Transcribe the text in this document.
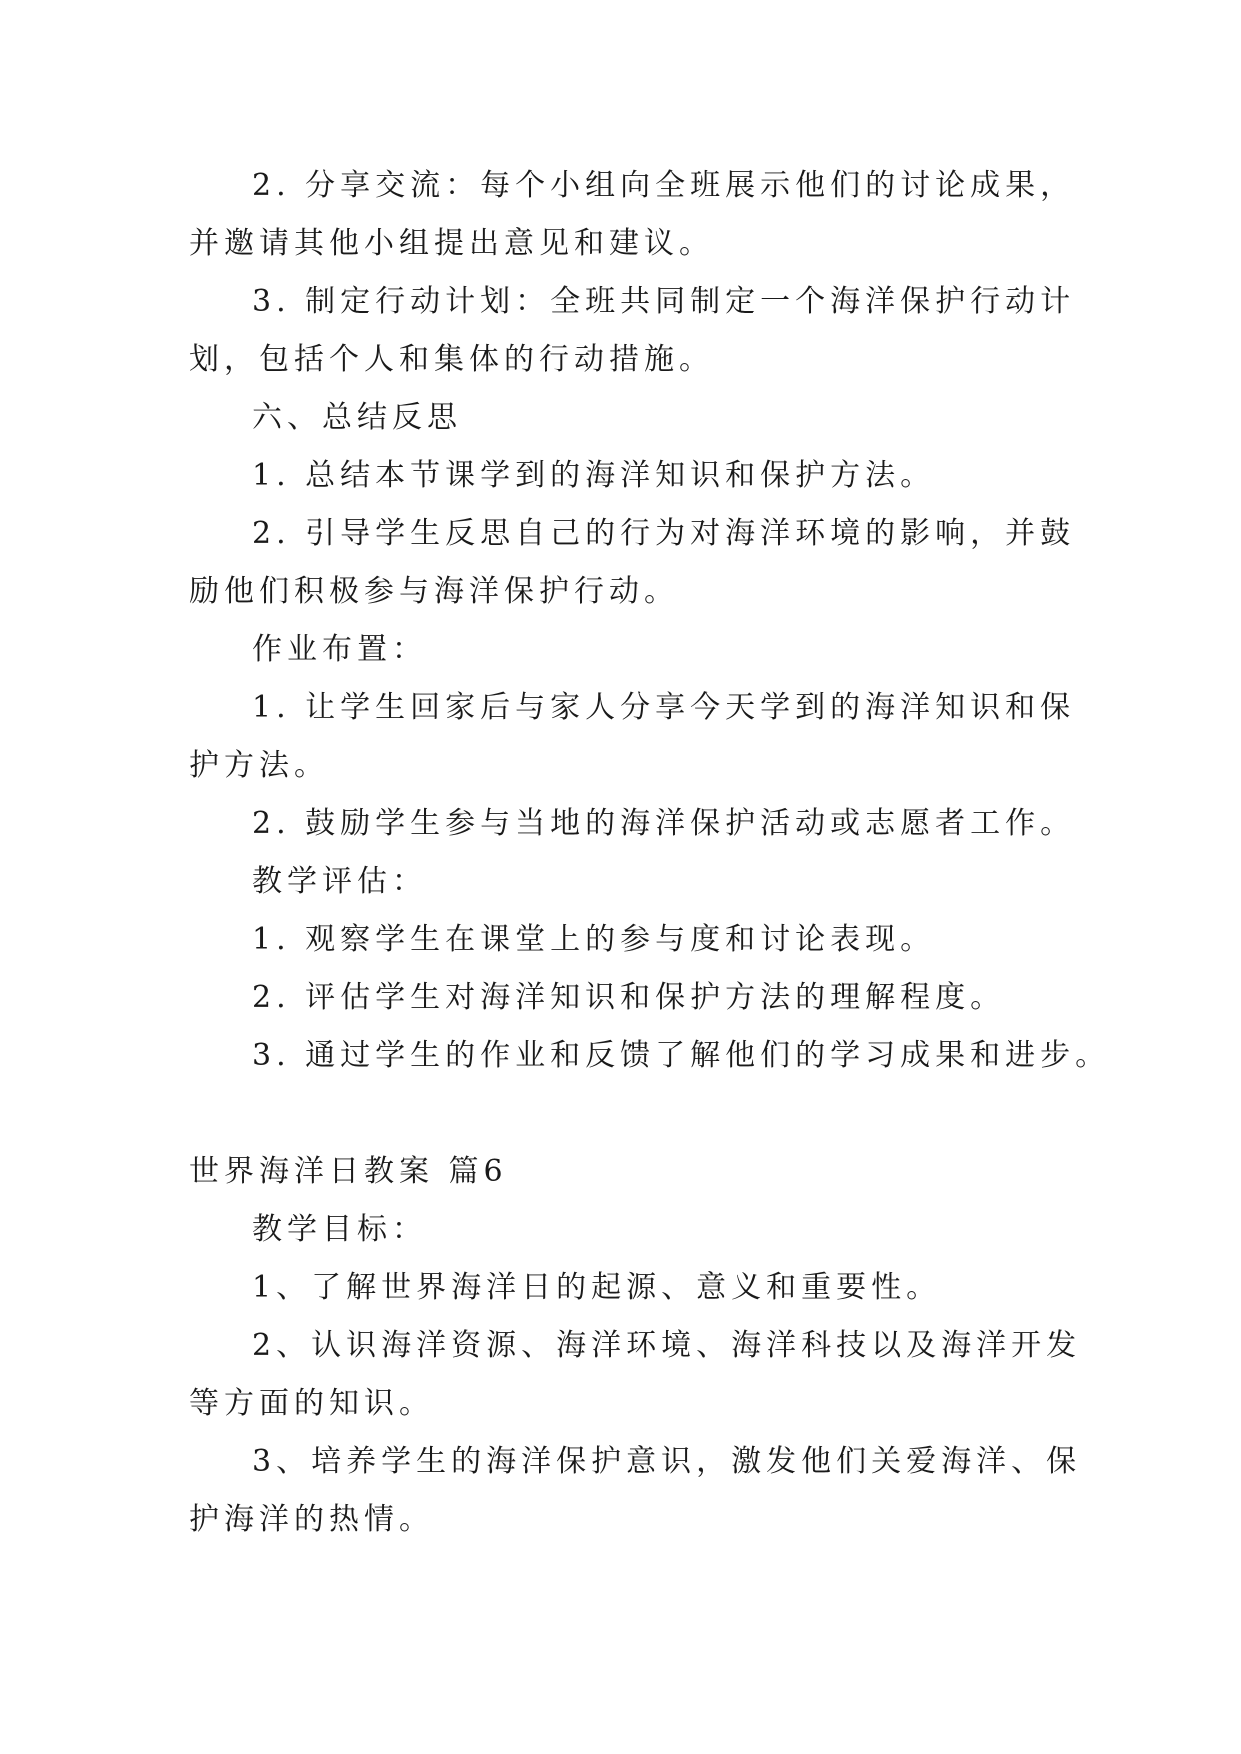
2. 分享交流：每个小组向全班展示他们的讨论成果，

并邀请其他小组提出意见和建议。

3. 制定行动计划：全班共同制定一个海洋保护行动计

划，包括个人和集体的行动措施。

六、总结反思

1. 总结本节课学到的海洋知识和保护方法。

2. 引导学生反思自己的行为对海洋环境的影响，并鼓

励他们积极参与海洋保护行动。

作业布置：

1. 让学生回家后与家人分享今天学到的海洋知识和保

护方法。

2. 鼓励学生参与当地的海洋保护活动或志愿者工作。

教学评估：

1. 观察学生在课堂上的参与度和讨论表现。

2. 评估学生对海洋知识和保护方法的理解程度。

3. 通过学生的作业和反馈了解他们的学习成果和进步。

世界海洋日教案 篇6

教学目标：

1、了解世界海洋日的起源、意义和重要性。

2、认识海洋资源、海洋环境、海洋科技以及海洋开发

等方面的知识。

3、培养学生的海洋保护意识，激发他们关爱海洋、保

护海洋的热情。
